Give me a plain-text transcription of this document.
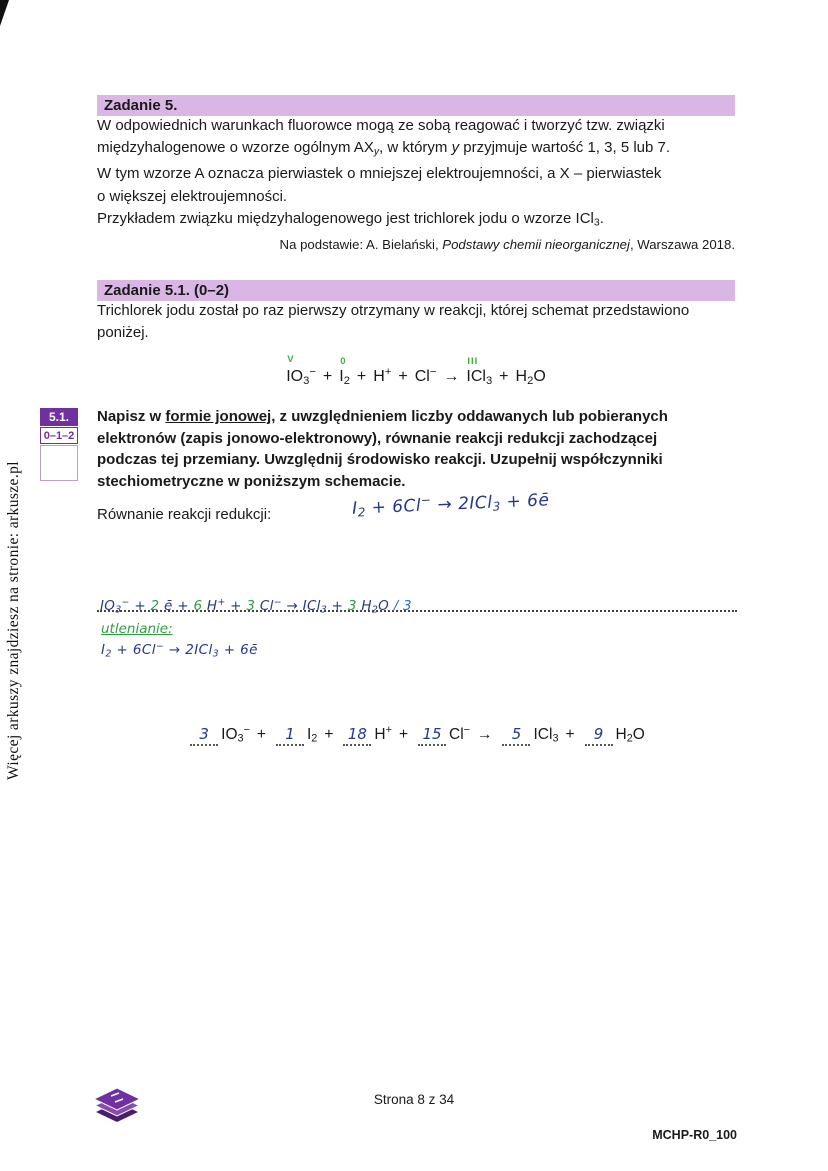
Więcej arkuszy znajdziesz na stronie: arkusze.pl
Zadanie 5.
W odpowiednich warunkach fluorowce mogą ze sobą reagować i tworzyć tzw. związki
międzyhalogenowe o wzorze ogólnym $AX_y$, w którym y przyjmuje wartość 1, 3, 5 lub 7.
W tym wzorze A oznacza pierwiastek o mniejszej elektroujemności, a X – pierwiastek
o większej elektroujemności.
Przykładem związku międzyhalogenowego jest trichlorek jodu o wzorze ICl$_3$.
Na podstawie: A. Bielański, Podstawy chemii nieorganicznej, Warszawa 2018.
Zadanie 5.1. (0–2)
Trichlorek jodu został po raz pierwszy otrzymany w reakcji, której schemat przedstawiono
poniżej.
V
$IO_3^-$ +
0
$I_2 + H^+ + Cl^-$ →
III
$ICl_3 + H_2O$
5.1.
0–1–2
Napisz w formie jonowej, z uwzględnieniem liczby oddawanych lub pobieranych
elektronów (zapis jonowo-elektronowy), równanie reakcji redukcji zachodzącej
podczas tej przemiany. Uwzględnij środowisko reakcji. Uzupełnij współczynniki
stechiometryczne w poniższym schemacie.
Równanie reakcji redukcji:	$I_2 + 6Cl^- \to 2ICl_3$ + 6ē
$IO_3^- + 2$ ē + 6 H+ + 3 Cl− → ICl$_3$ + 3 $H_2O / 3$
utlenianie:
$I_2 + 6Cl^- \to 2ICl_3$ + 6ē
3 $IO_3^- + 1$ $I_2 + 18$ H+ + 15 Cl− → 5 ICl$_3$ + 9 $H_2O$
Strona 8 z 34
MCHP-R0_100
